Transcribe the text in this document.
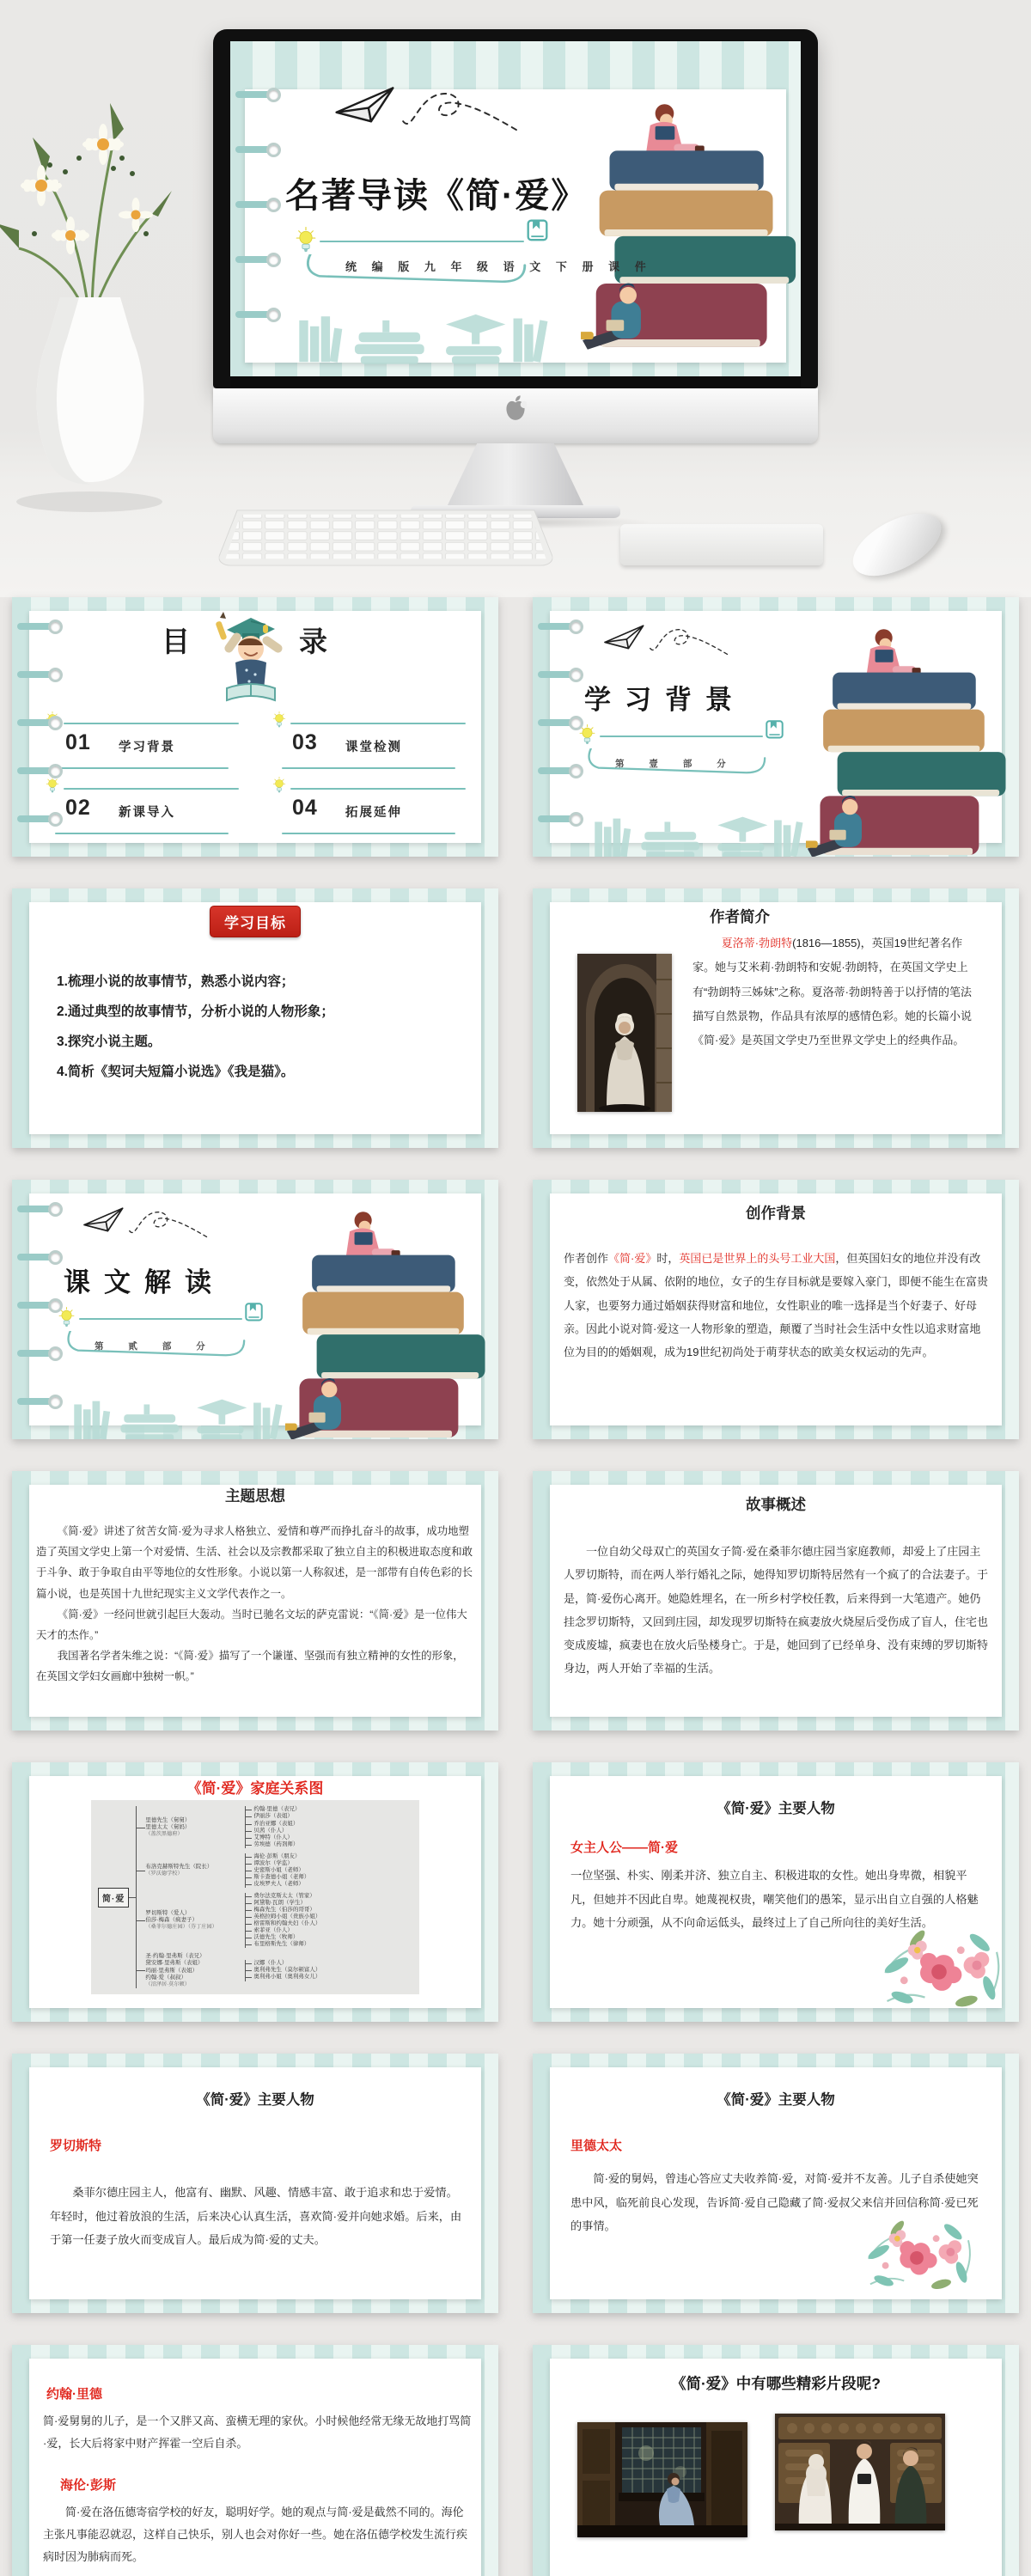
名著导读《简·爱》
统 编 版 九 年 级 语 文 下 册 课 件
目	录
01 学习背景
02 新课导入
03 课堂检测
04 拓展延伸
学习背景
第 壹 部 分
学习目标
1.梳理小说的故事情节，熟悉小说内容；
2.通过典型的故事情节，分析小说的人物形象；
3.探究小说主题。
4.简析《契诃夫短篇小说选》《我是猫》。
作者简介

夏洛蒂·勃朗特(1816—1855)，英国19世纪著名作家。她与艾米莉·勃朗特和安妮·勃朗特，在英国文学史上有“勃朗特三姊妹”之称。夏洛蒂·勃朗特善于以抒情的笔法描写自然景物，作品具有浓厚的感情色彩。她的长篇小说《简·爱》是英国文学史乃至世界文学史上的经典作品。

课文解读
第 贰 部 分
创作背景

作者创作《简·爱》时，英国已是世界上的头号工业大国，但英国妇女的地位并没有改变，依然处于从属、依附的地位，女子的生存目标就是要嫁入豪门，即便不能生在富贵人家，也要努力通过婚姻获得财富和地位，女性职业的唯一选择是当个好妻子、好母亲。因此小说对简·爱这一人物形象的塑造，颠覆了当时社会生活中女性以追求财富地位为目的的婚姻观，成为19世纪初尚处于萌芽状态的欧美女权运动的先声。

主题思想

《简·爱》讲述了贫苦女简·爱为寻求人格独立、爱情和尊严而挣扎奋斗的故事，成功地塑造了英国文学史上第一个对爱情、生活、社会以及宗教都采取了独立自主的积极进取态度和敢于斗争、敢于争取自由平等地位的女性形象。小说以第一人称叙述，是一部带有自传色彩的长篇小说，也是英国十九世纪现实主义文学代表作之一。

《简·爱》一经问世就引起巨大轰动。当时已驰名文坛的萨克雷说：“《简·爱》是一位伟大天才的杰作。”

我国著名学者朱维之说：“《简·爱》描写了一个谦谨、坚强而有独立精神的女性的形象，在英国文学妇女画廊中独树一帜。”

故事概述

一位自幼父母双亡的英国女子简·爱在桑菲尔德庄园当家庭教师，却爱上了庄园主人罗切斯特，而在两人举行婚礼之际，她得知罗切斯特居然有一个疯了的合法妻子。于是，简·爱伤心离开。她隐姓埋名，在一所乡村学校任教，后来得到一大笔遗产。她仍挂念罗切斯特，又回到庄园，却发现罗切斯特在疯妻放火烧屋后受伤成了盲人，住宅也变成废墟，疯妻也在放火后坠楼身亡。于是，她回到了已经单身、没有束缚的罗切斯特身边，两人开始了幸福的生活。

《简·爱》家庭关系图
简·爱
里德先生（舅舅）
里德太太（舅妈）
（盖茨黑德府）
约翰·里德（表兄）
伊丽莎（表姐）
乔治亚娜（表姐）
贝茜（仆人）
艾博特（仆人）
劳埃德（药剂师）
布洛克赫斯特先生（院长）
（罗沃德学校）
海伦·彭斯（朋友）
谭波尔（学监）
史密斯小姐（老师）
斯卡查德小姐（老师）
皮埃罗夫人（老师）
罗切斯特（爱人）
伯莎·梅森（疯妻子）
（桑菲尔德庄园）（芬丁庄园）
费尔法克斯太太（管家）
阿黛勒·瓦朗（学生）
梅森先生（伯莎的哥哥）
英格拉姆小姐（贵族小姐）
格雷斯和约翰夫妇（仆人）
索菲亚（仆人）
沃德先生（牧师）
布里格斯先生（律师）
圣·约翰·里弗斯（表兄）
黛安娜·里弗斯（表姐）
玛丽·里弗斯（表姐）
约翰·爱（叔叔）
（沼泽居·莫尔顿）
汉娜（仆人）
奥利弗先生（莫尔顿富人）
奥利弗小姐（奥利弗女儿）
《简·爱》主要人物
女主人公——简·爱

一位坚强、朴实、刚柔并济、独立自主、积极进取的女性。她出身卑微，相貌平凡，但她并不因此自卑。她蔑视权贵，嘲笑他们的愚笨，显示出自立自强的人格魅力。她十分顽强，从不向命运低头，最终过上了自己所向往的美好生活。

《简·爱》主要人物
罗切斯特

桑菲尔德庄园主人，他富有、幽默、风趣、情感丰富、敢于追求和忠于爱情。年轻时，他过着放浪的生活，后来决心认真生活，喜欢简·爱并向她求婚。后来，由于第一任妻子放火而变成盲人。最后成为简·爱的丈夫。

《简·爱》主要人物
里德太太

简·爱的舅妈，曾违心答应丈夫收养简·爱，对简·爱并不友善。儿子自杀使她突患中风，临死前良心发现，告诉简·爱自己隐藏了简·爱叔父来信并回信称简·爱已死的事情。

约翰·里德

简·爱舅舅的儿子，是一个又胖又高、蛮横无理的家伙。小时候他经常无缘无故地打骂简·爱，长大后将家中财产挥霍一空后自杀。

海伦·彭斯

简·爱在洛伍德寄宿学校的好友，聪明好学。她的观点与简·爱是截然不同的。海伦主张凡事能忍就忍，这样自己快乐，别人也会对你好一些。她在洛伍德学校发生流行疾病时因为肺病而死。

《简·爱》中有哪些精彩片段呢?
